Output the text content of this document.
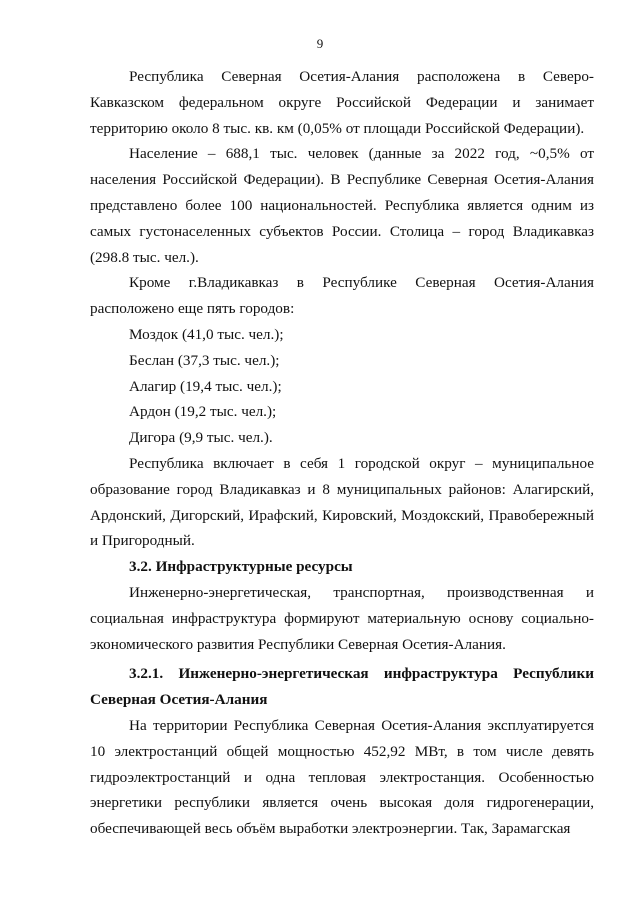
9

Республика Северная Осетия-Алания расположена в Северо-Кавказском федеральном округе Российской Федерации и занимает территорию около 8 тыс. кв. км (0,05% от площади Российской Федерации).

Население – 688,1 тыс. человек (данные за 2022 год, ~0,5% от населения Российской Федерации). В Республике Северная Осетия-Алания представлено более 100 национальностей. Республика является одним из самых густонаселенных субъектов России. Столица – город Владикавказ (298.8 тыс. чел.).

Кроме г.Владикавказ в Республике Северная Осетия-Алания расположено еще пять городов:

Моздок (41,0 тыс. чел.);

Беслан (37,3 тыс. чел.);

Алагир (19,4 тыс. чел.);

Ардон (19,2 тыс. чел.);

Дигора (9,9 тыс. чел.).

Республика включает в себя 1 городской округ – муниципальное образование город Владикавказ и 8 муниципальных районов: Алагирский, Ардонский, Дигорский, Ирафский, Кировский, Моздокский, Правобережный и Пригородный.

3.2. Инфраструктурные ресурсы

Инженерно-энергетическая, транспортная, производственная и социальная инфраструктура формируют материальную основу социально-экономического развития Республики Северная Осетия-Алания.

3.2.1. Инженерно-энергетическая инфраструктура Республики Северная Осетия-Алания

На территории Республика Северная Осетия-Алания эксплуатируется 10 электростанций общей мощностью 452,92 МВт, в том числе девять гидроэлектростанций и одна тепловая электростанция. Особенностью энергетики республики является очень высокая доля гидрогенерации, обеспечивающей весь объём выработки электроэнергии. Так, Зарамагская
